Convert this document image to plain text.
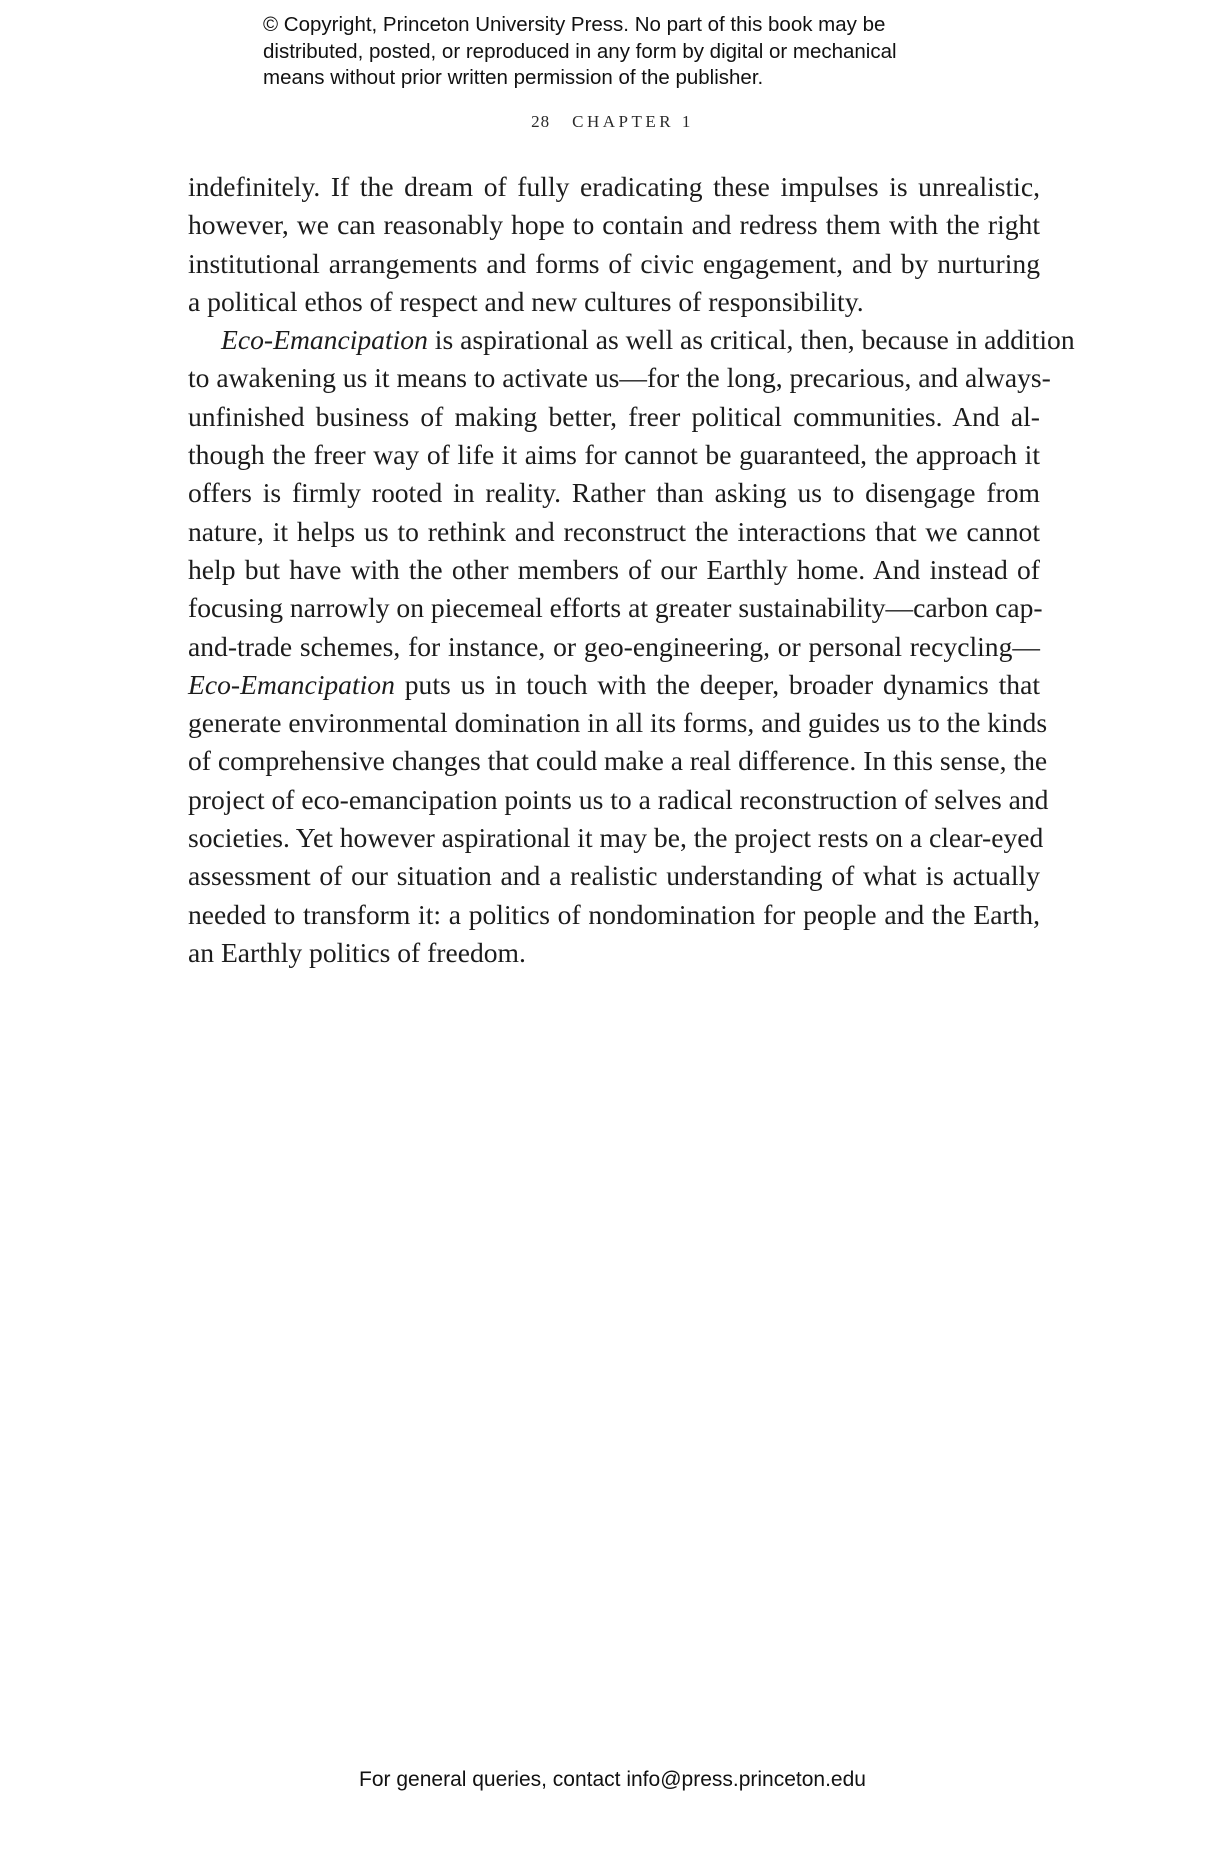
© Copyright, Princeton University Press. No part of this book may be
distributed, posted, or reproduced in any form by digital or mechanical
means without prior written permission of the publisher.
28 CHAPTER 1
indefinitely. If the dream of fully eradicating these impulses is unrealistic,
however, we can reasonably hope to contain and redress them with the right
institutional arrangements and forms of civic engagement, and by nurturing
a political ethos of respect and new cultures of responsibility.
Eco-Emancipation is aspirational as well as critical, then, because in addition
to awakening us it means to activate us—for the long, precarious, and always-
unfinished business of making better, freer political communities. And al-
though the freer way of life it aims for cannot be guaranteed, the approach it
offers is firmly rooted in reality. Rather than asking us to disengage from
nature, it helps us to rethink and reconstruct the interactions that we cannot
help but have with the other members of our Earthly home. And instead of
focusing narrowly on piecemeal efforts at greater sustainability—carbon cap-
and-trade schemes, for instance, or geo-engineering, or personal recycling—
Eco-Emancipation puts us in touch with the deeper, broader dynamics that
generate environmental domination in all its forms, and guides us to the kinds
of comprehensive changes that could make a real difference. In this sense, the
project of eco-emancipation points us to a radical reconstruction of selves and
societies. Yet however aspirational it may be, the project rests on a clear-eyed
assessment of our situation and a realistic understanding of what is actually
needed to transform it: a politics of nondomination for people and the Earth,
an Earthly politics of freedom.
For general queries, contact info@press.princeton.edu
